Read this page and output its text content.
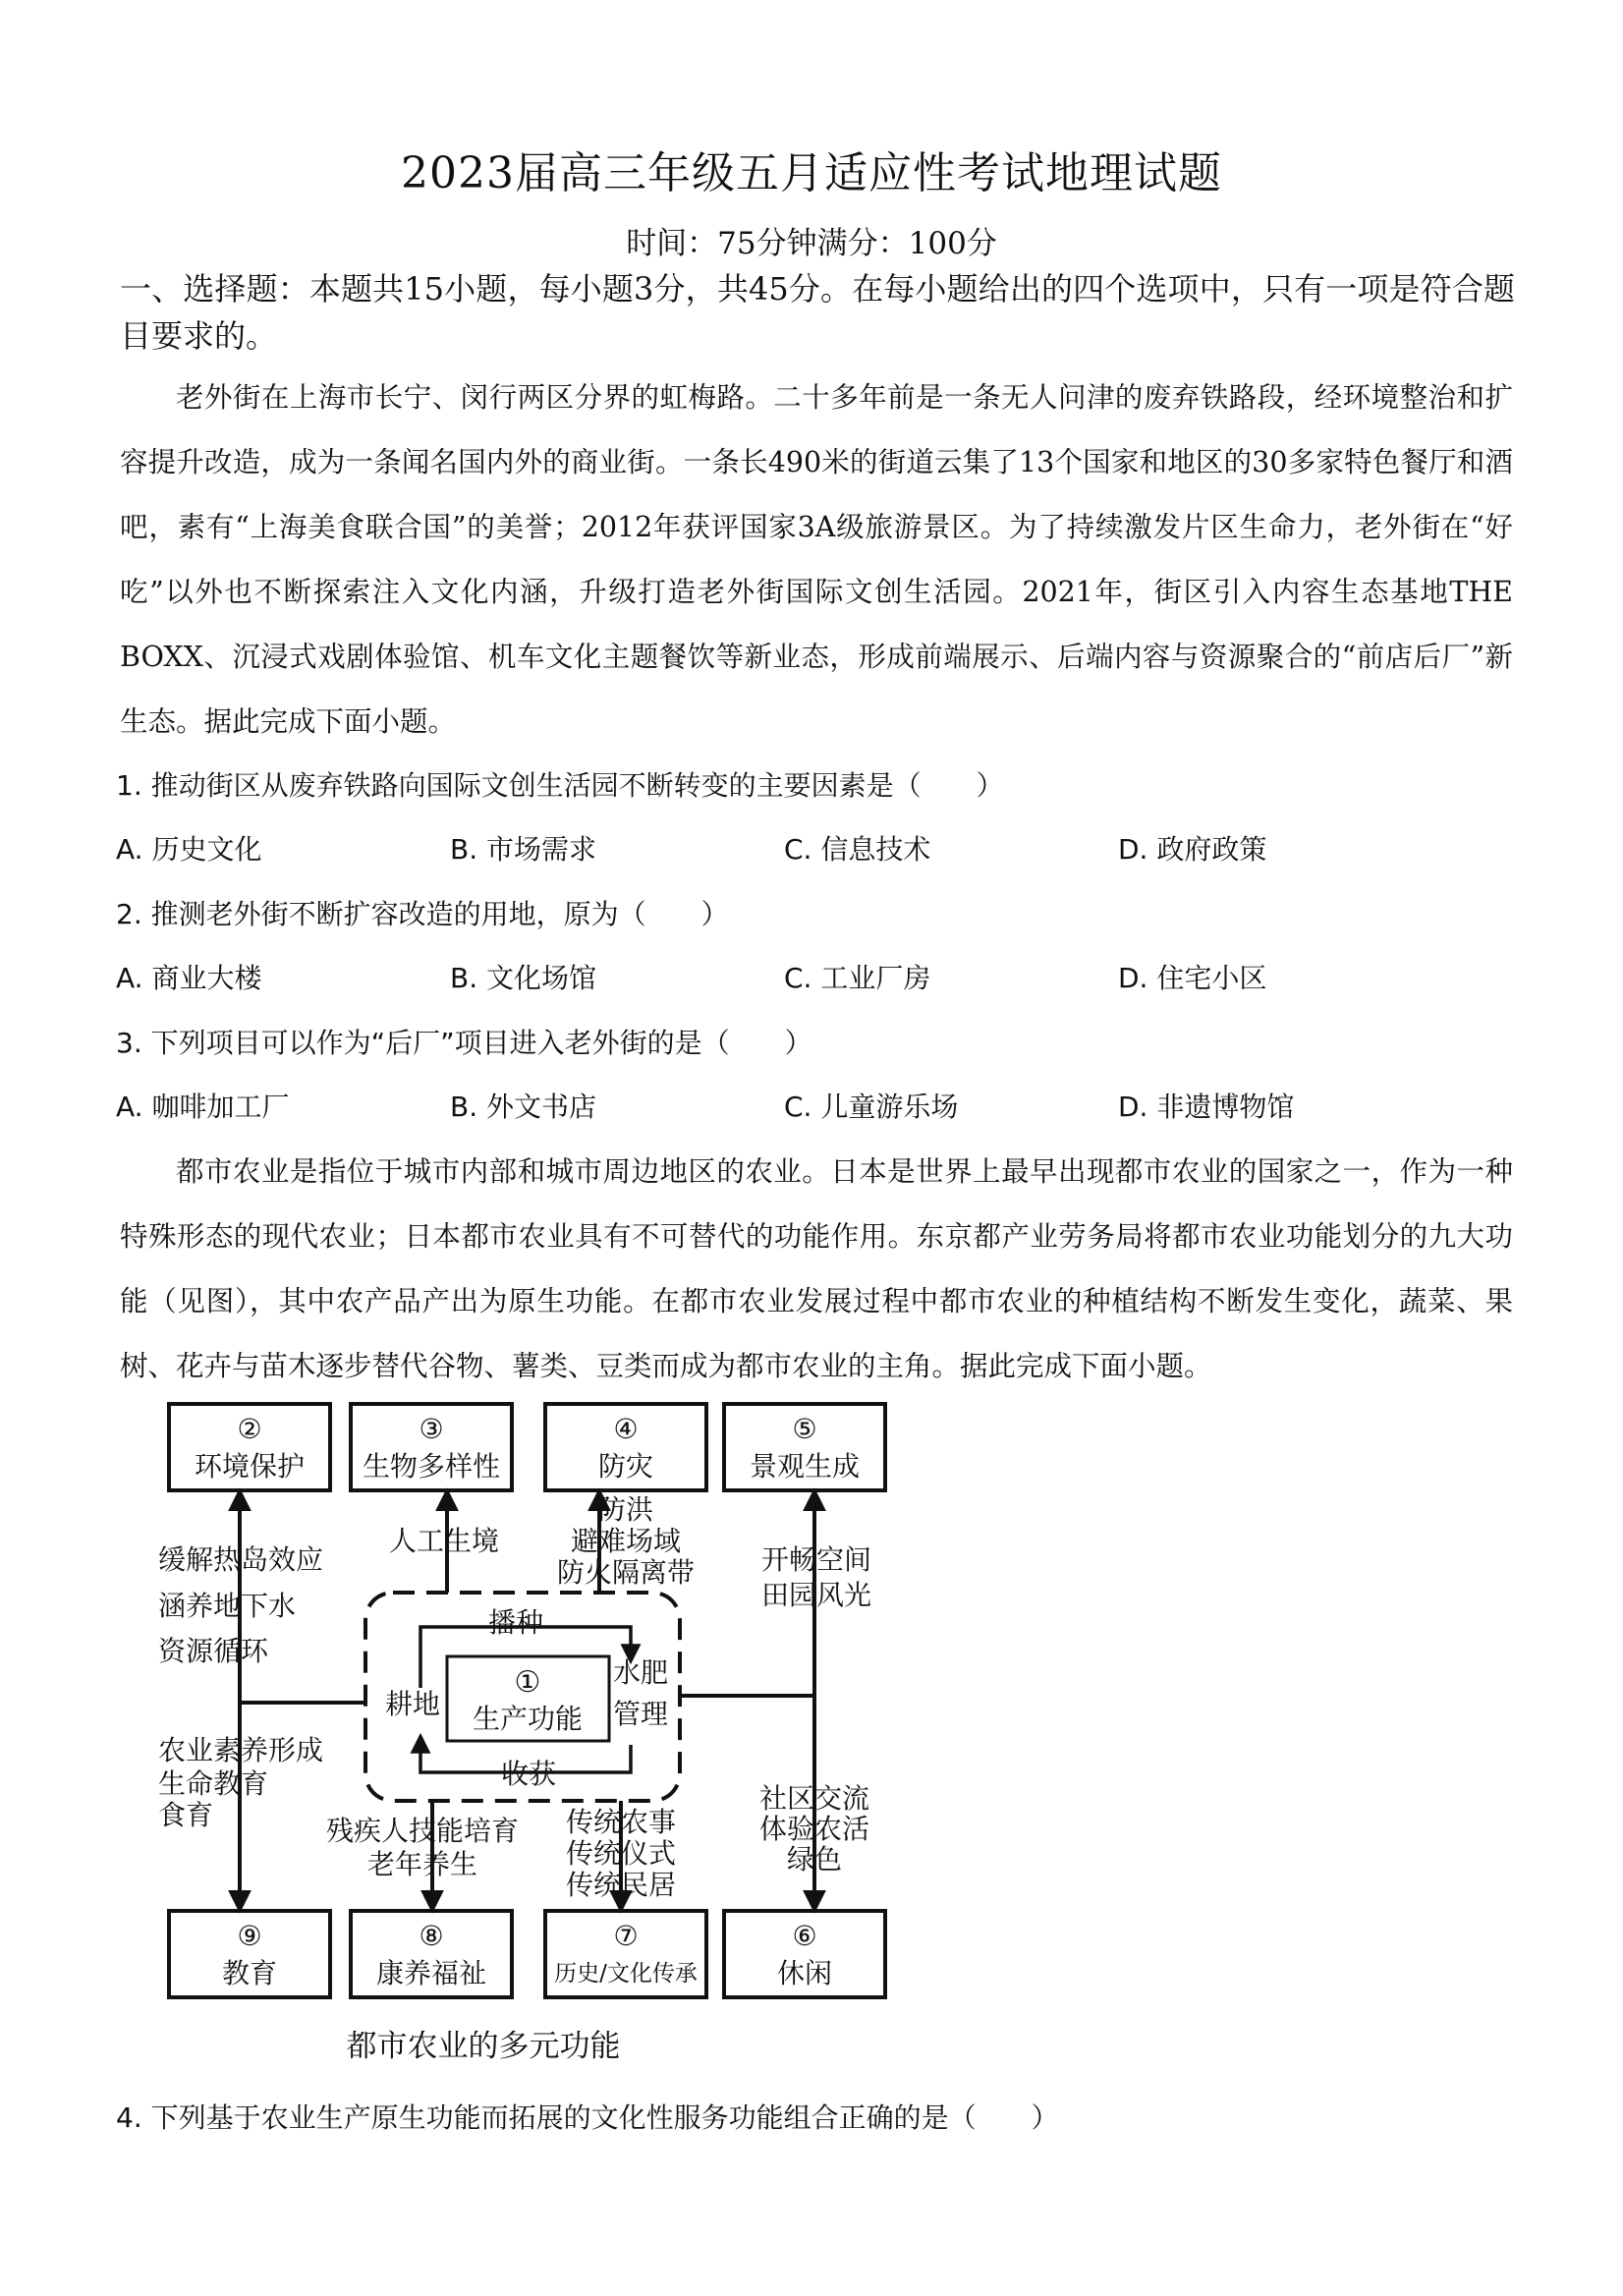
2023届高三年级五月适应性考试地理试题
时间：75分钟满分：100分
一、选择题：本题共15小题，每小题3分，共45分。在每小题给出的四个选项中，只有一项是符合题目要求的。
老外街在上海市长宁、闵行两区分界的虹梅路。二十多年前是一条无人问津的废弃铁路段，经环境整治和扩容提升改造，成为一条闻名国内外的商业街。一条长490米的街道云集了13个国家和地区的30多家特色餐厅和酒吧，素有“上海美食联合国”的美誉；2012年获评国家3A级旅游景区。为了持续激发片区生命力，老外街在“好吃”以外也不断探索注入文化内涵，升级打造老外街国际文创生活园。2021年，街区引入内容生态基地THE BOXX、沉浸式戏剧体验馆、机车文化主题餐饮等新业态，形成前端展示、后端内容与资源聚合的“前店后厂”新生态。据此完成下面小题。
1. 推动街区从废弃铁路向国际文创生活园不断转变的主要因素是（　　）
A. 历史文化	B. 市场需求	C. 信息技术	D. 政府政策
2. 推测老外街不断扩容改造的用地，原为（　　）
A. 商业大楼	B. 文化场馆	C. 工业厂房	D. 住宅小区
3. 下列项目可以作为“后厂”项目进入老外街的是（　　）
A. 咖啡加工厂	B. 外文书店	C. 儿童游乐场	D. 非遗博物馆
都市农业是指位于城市内部和城市周边地区的农业。日本是世界上最早出现都市农业的国家之一，作为一种特殊形态的现代农业；日本都市农业具有不可替代的功能作用。东京都产业劳务局将都市农业功能划分的九大功能（见图），其中农产品产出为原生功能。在都市农业发展过程中都市农业的种植结构不断发生变化，蔬菜、果树、花卉与苗木逐步替代谷物、薯类、豆类而成为都市农业的主角。据此完成下面小题。
②
环境保护
③
生物多样性
④
防灾
⑤
景观生成
⑨
教育
⑧
康养福祉
⑦
历史/文化传承
⑥
休闲
①
生产功能
耕地
播种
水肥
管理
收获
缓解热岛效应
涵养地下水
资源循环
人工生境
防洪
避难场域
防火隔离带 开畅空间
田园风光
农业素养形成
生命教育
食育	残疾人技能培育
老年养生
传统农事
传统仪式
传统民居
社区交流
体验农活
绿色
都市农业的多元功能
4. 下列基于农业生产原生功能而拓展的文化性服务功能组合正确的是（　　）
